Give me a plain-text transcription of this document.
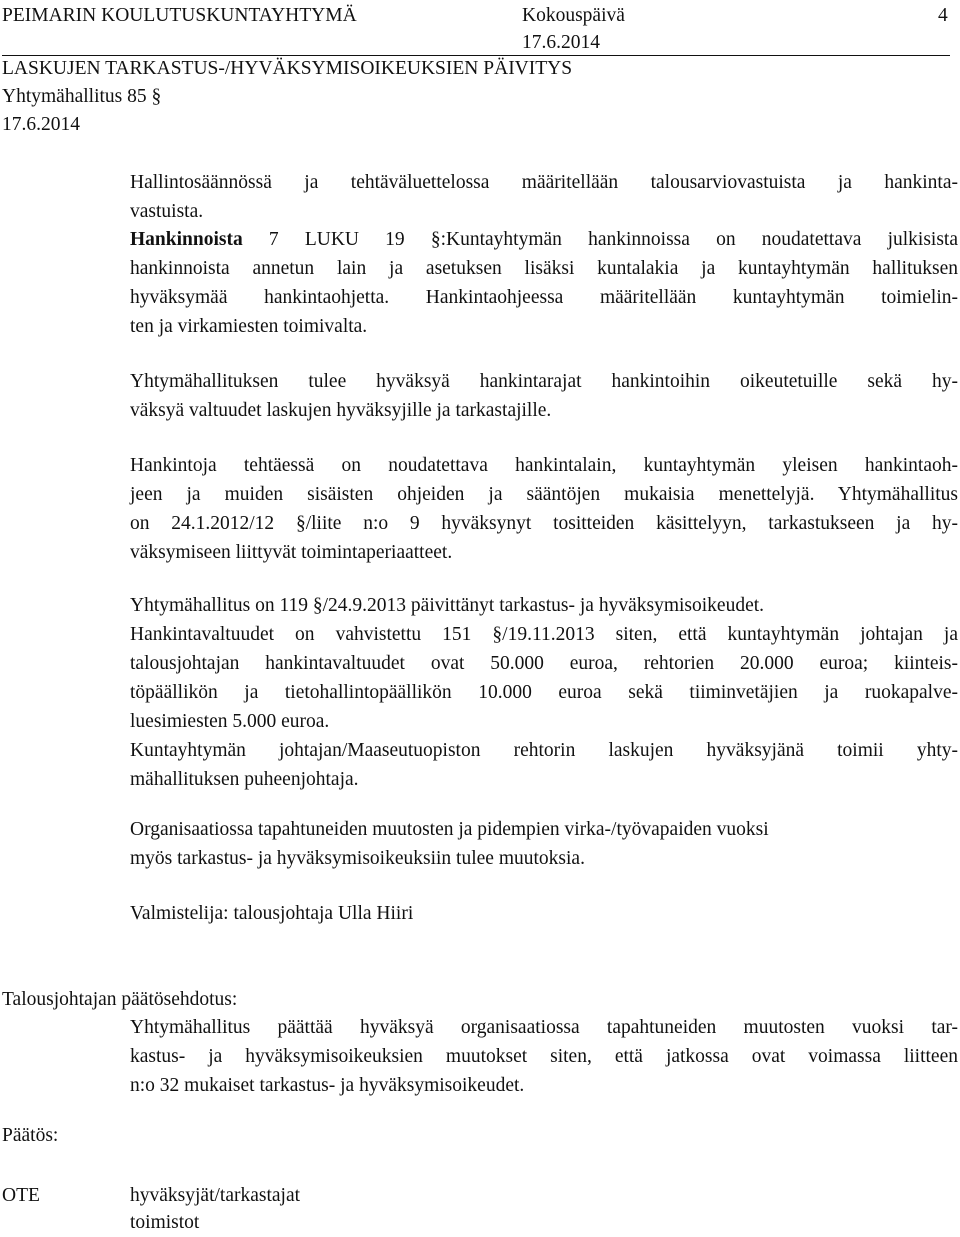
PEIMARIN KOULUTUSKUNTAYHTYMÄ	Kokouspäivä	4
17.6.2014
LASKUJEN TARKASTUS-/HYVÄKSYMISOIKEUKSIEN PÄIVITYS
Yhtymähallitus 85 §
17.6.2014
Hallintosäännössä ja tehtäväluettelossa määritellään talousarviovastuista ja hankinta-
vastuista.
Hankinnoista 7 LUKU 19 §:Kuntayhtymän hankinnoissa on noudatettava julkisista
hankinnoista annetun lain ja asetuksen lisäksi kuntalakia ja kuntayhtymän hallituksen
hyväksymää hankintaohjetta. Hankintaohjeessa määritellään kuntayhtymän toimielin-
ten ja virkamiesten toimivalta.
Yhtymähallituksen tulee hyväksyä hankintarajat hankintoihin oikeutetuille sekä hy-
väksyä valtuudet laskujen hyväksyjille ja tarkastajille.
Hankintoja tehtäessä on noudatettava hankintalain, kuntayhtymän yleisen hankintaoh-
jeen ja muiden sisäisten ohjeiden ja sääntöjen mukaisia menettelyjä. Yhtymähallitus
on 24.1.2012/12 §/liite n:o 9 hyväksynyt tositteiden käsittelyyn, tarkastukseen ja hy-
väksymiseen liittyvät toimintaperiaatteet.
Yhtymähallitus on 119 §/24.9.2013 päivittänyt tarkastus- ja hyväksymisoikeudet.
Hankintavaltuudet on vahvistettu 151 §/19.11.2013 siten, että kuntayhtymän johtajan ja
talousjohtajan hankintavaltuudet ovat 50.000 euroa, rehtorien 20.000 euroa; kiinteis-
töpäällikön ja tietohallintopäällikön 10.000 euroa sekä tiiminvetäjien ja ruokapalve-
luesimiesten 5.000 euroa.
Kuntayhtymän johtajan/Maaseutuopiston rehtorin laskujen hyväksyjänä toimii yhty-
mähallituksen puheenjohtaja.
Organisaatiossa tapahtuneiden muutosten ja pidempien virka-/työvapaiden vuoksi
myös tarkastus- ja hyväksymisoikeuksiin tulee muutoksia.
Valmistelija: talousjohtaja Ulla Hiiri
Talousjohtajan päätösehdotus:
Yhtymähallitus päättää hyväksyä organisaatiossa tapahtuneiden muutosten vuoksi tar-
kastus- ja hyväksymisoikeuksien muutokset siten, että jatkossa ovat voimassa liitteen
n:o 32 mukaiset tarkastus- ja hyväksymisoikeudet.
Päätös:
OTE	hyväksyjät/tarkastajat
toimistot
